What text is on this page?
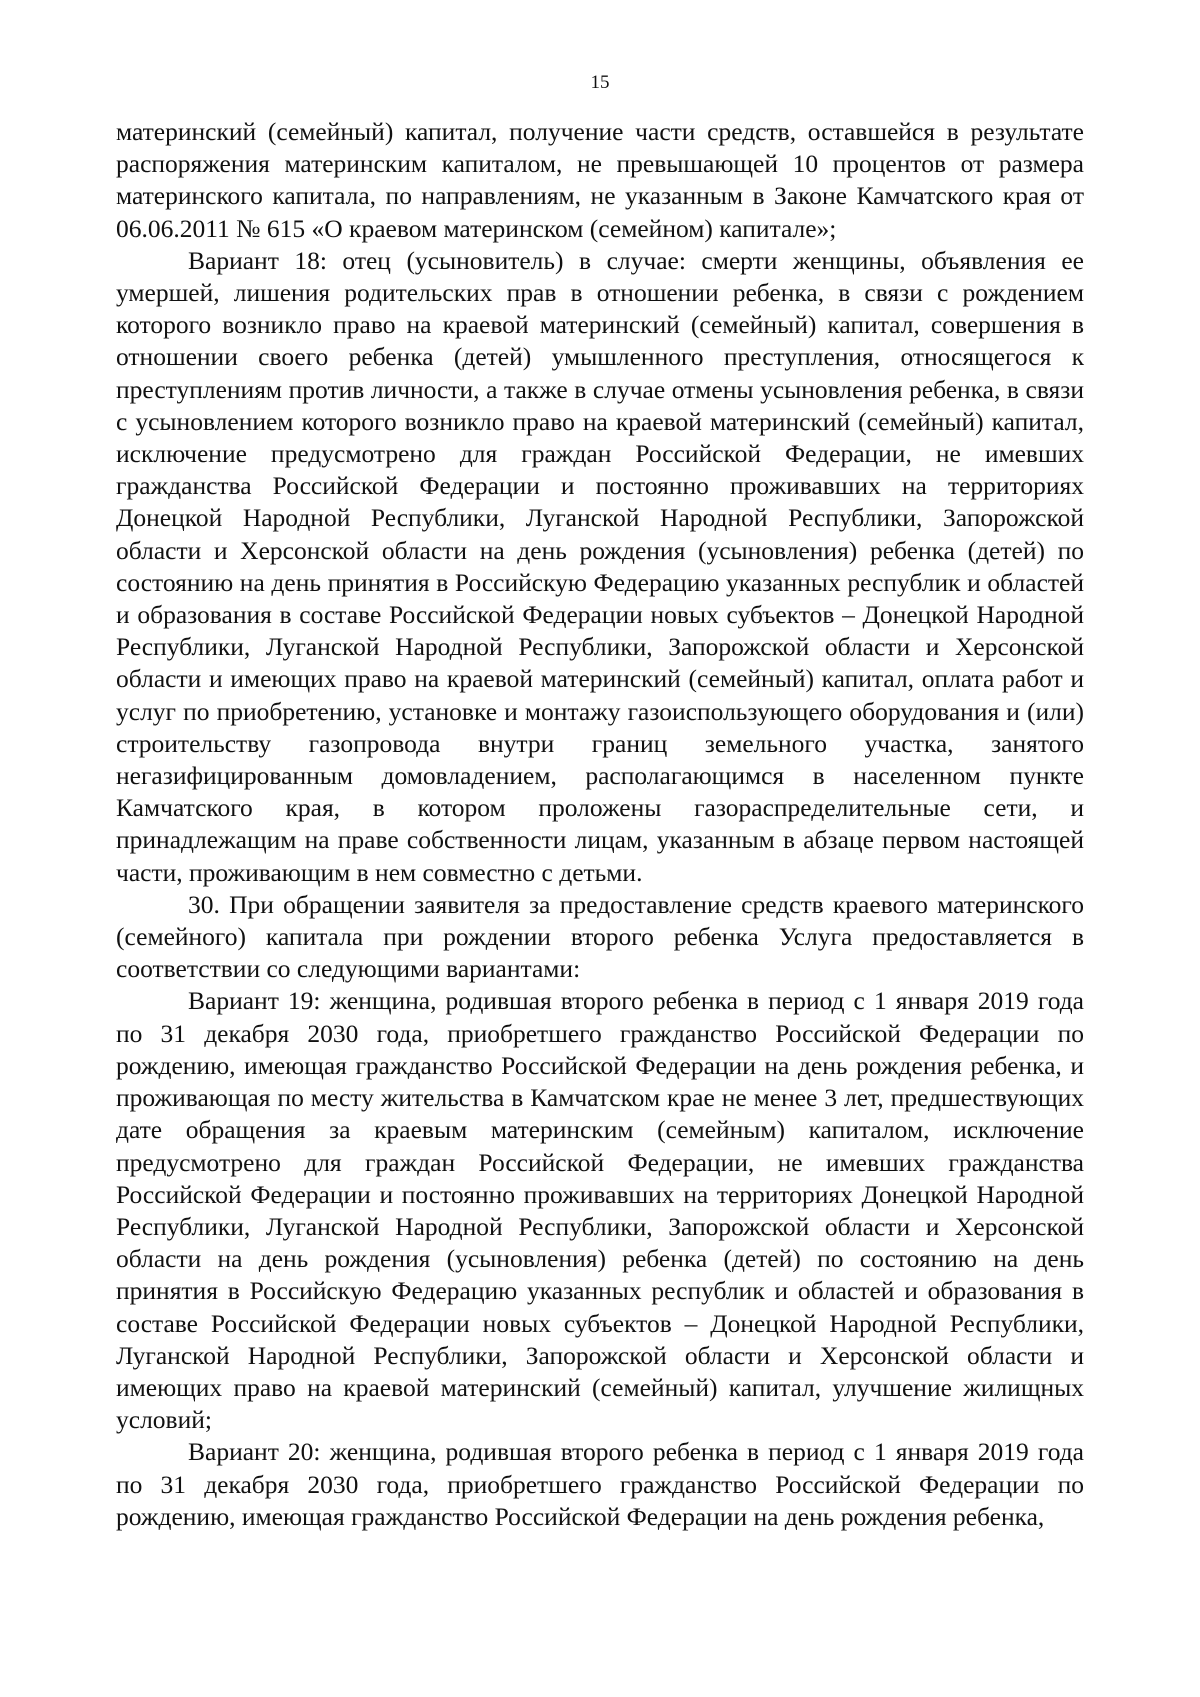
15

материнский (семейный) капитал, получение части средств, оставшейся в результате распоряжения материнским капиталом, не превышающей 10 процентов от размера материнского капитала, по направлениям, не указанным в Законе Камчатского края от 06.06.2011 № 615 «О краевом материнском (семейном) капитале»;

Вариант 18: отец (усыновитель) в случае: смерти женщины, объявления ее умершей, лишения родительских прав в отношении ребенка, в связи с рождением которого возникло право на краевой материнский (семейный) капитал, совершения в отношении своего ребенка (детей) умышленного преступления, относящегося к преступлениям против личности, а также в случае отмены усыновления ребенка, в связи с усыновлением которого возникло право на краевой материнский (семейный) капитал, исключение предусмотрено для граждан Российской Федерации, не имевших гражданства Российской Федерации и постоянно проживавших на территориях Донецкой Народной Республики, Луганской Народной Республики, Запорожской области и Херсонской области на день рождения (усыновления) ребенка (детей) по состоянию на день принятия в Российскую Федерацию указанных республик и областей и образования в составе Российской Федерации новых субъектов – Донецкой Народной Республики, Луганской Народной Республики, Запорожской области и Херсонской области и имеющих право на краевой материнский (семейный) капитал, оплата работ и услуг по приобретению, установке и монтажу газоиспользующего оборудования и (или) строительству газопровода внутри границ земельного участка, занятого негазифицированным домовладением, располагающимся в населенном пункте Камчатского края, в котором проложены газораспределительные сети, и принадлежащим на праве собственности лицам, указанным в абзаце первом настоящей части, проживающим в нем совместно с детьми.

30. При обращении заявителя за предоставление средств краевого материнского (семейного) капитала при рождении второго ребенка Услуга предоставляется в соответствии со следующими вариантами:

Вариант 19: женщина, родившая второго ребенка в период с 1 января 2019 года по 31 декабря 2030 года, приобретшего гражданство Российской Федерации по рождению, имеющая гражданство Российской Федерации на день рождения ребенка, и проживающая по месту жительства в Камчатском крае не менее 3 лет, предшествующих дате обращения за краевым материнским (семейным) капиталом, исключение предусмотрено для граждан Российской Федерации, не имевших гражданства Российской Федерации и постоянно проживавших на территориях Донецкой Народной Республики, Луганской Народной Республики, Запорожской области и Херсонской области на день рождения (усыновления) ребенка (детей) по состоянию на день принятия в Российскую Федерацию указанных республик и областей и образования в составе Российской Федерации новых субъектов – Донецкой Народной Республики, Луганской Народной Республики, Запорожской области и Херсонской области и имеющих право на краевой материнский (семейный) капитал, улучшение жилищных условий;

Вариант 20: женщина, родившая второго ребенка в период с 1 января 2019 года по 31 декабря 2030 года, приобретшего гражданство Российской Федерации по рождению, имеющая гражданство Российской Федерации на день рождения ребенка,
